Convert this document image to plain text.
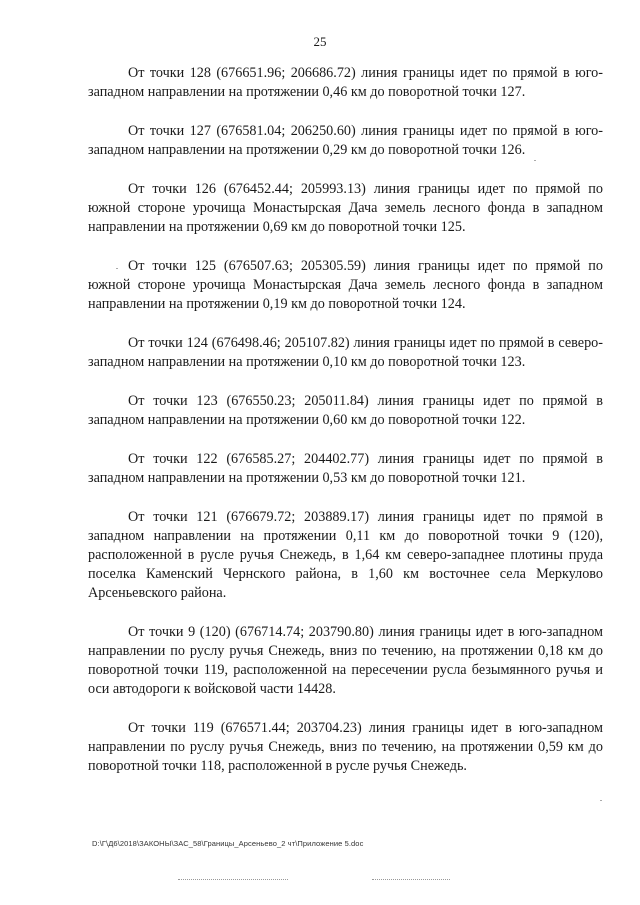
25

От точки 128 (676651.96; 206686.72) линия границы идет по прямой в юго-западном направлении на протяжении 0,46 км до поворотной точки 127.

От точки 127 (676581.04; 206250.60) линия границы идет по прямой в юго-западном направлении на протяжении 0,29 км до поворотной точки 126.

От точки 126 (676452.44; 205993.13) линия границы идет по прямой по южной стороне урочища Монастырская Дача земель лесного фонда в западном направлении на протяжении 0,69 км до поворотной точки 125.

От точки 125 (676507.63; 205305.59) линия границы идет по прямой по южной стороне урочища Монастырская Дача земель лесного фонда в западном направлении на протяжении 0,19 км до поворотной точки 124.

От точки 124 (676498.46; 205107.82) линия границы идет по прямой в северо-западном направлении на протяжении 0,10 км до поворотной точки 123.

От точки 123 (676550.23; 205011.84) линия границы идет по прямой в западном направлении на протяжении 0,60 км до поворотной точки 122.

От точки 122 (676585.27; 204402.77) линия границы идет по прямой в западном направлении на протяжении 0,53 км до поворотной точки 121.

От точки 121 (676679.72; 203889.17) линия границы идет по прямой в западном направлении на протяжении 0,11 км до поворотной точки 9 (120), расположенной в русле ручья Снежедь, в 1,64 км северо-западнее плотины пруда поселка Каменский Чернского района, в 1,60 км восточнее села Меркулово Арсеньевского района.

От точки 9 (120) (676714.74; 203790.80) линия границы идет в юго-западном направлении по руслу ручья Снежедь, вниз по течению, на протяжении 0,18 км до поворотной точки 119, расположенной на пересечении русла безымянного ручья и оси автодороги к войсковой части 14428.

От точки 119 (676571.44; 203704.23) линия границы идет в юго-западном направлении по руслу ручья Снежедь, вниз по течению, на протяжении 0,59 км до поворотной точки 118, расположенной в русле ручья Снежедь.

D:\Г\Д6\2018\ЗАКОНЫ\ЗАС_58\Границы_Арсеньево_2 чт\Приложение 5.doc
